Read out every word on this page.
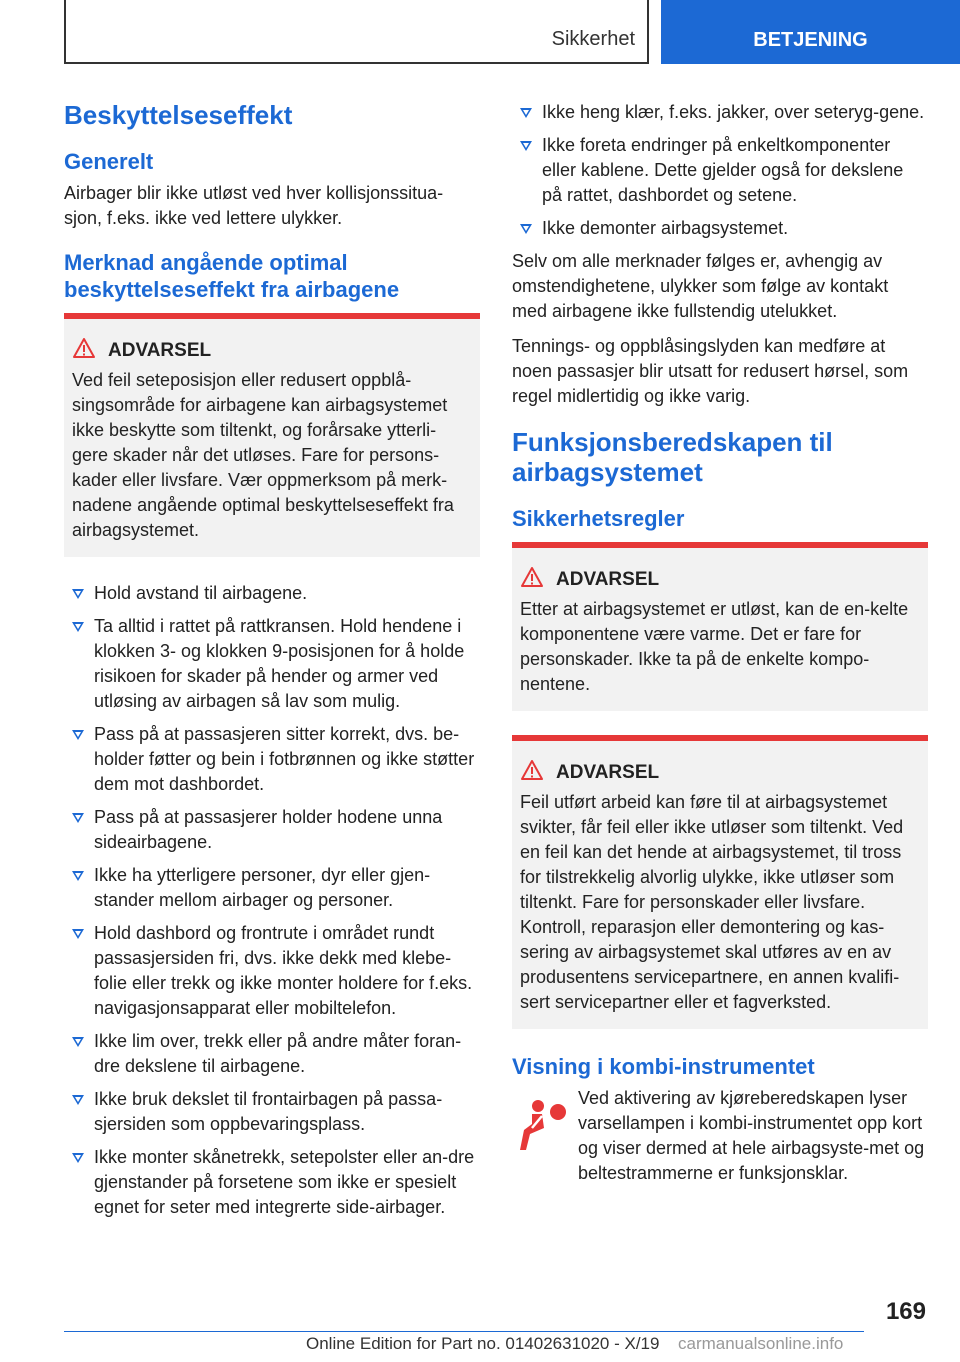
Sikkerhet	BETJENING
Beskyttelseseffekt
Generelt

Airbager blir ikke utløst ved hver kollisjonssitua-sjon, f.eks. ikke ved lettere ulykker.

Merknad angående optimal beskyttelseseffekt fra airbagene
ADVARSEL
Ved feil seteposisjon eller redusert oppblå-singsområde for airbagene kan airbagsystemet ikke beskytte som tiltenkt, og forårsake ytterli-gere skader når det utløses. Fare for persons-kader eller livsfare. Vær oppmerksom på merk-nadene angående optimal beskyttelseseffekt fra airbagsystemet.
Hold avstand til airbagene.
Ta alltid i rattet på rattkransen. Hold hendene i klokken 3- og klokken 9-posisjonen for å holde risikoen for skader på hender og armer ved utløsing av airbagen så lav som mulig.
Pass på at passasjeren sitter korrekt, dvs. be-holder føtter og bein i fotbrønnen og ikke støtter dem mot dashbordet.
Pass på at passasjerer holder hodene unna sideairbagene.
Ikke ha ytterligere personer, dyr eller gjen-stander mellom airbager og personer.
Hold dashbord og frontrute i området rundt passasjersiden fri, dvs. ikke dekk med klebe-folie eller trekk og ikke monter holdere for f.eks. navigasjonsapparat eller mobiltelefon.
Ikke lim over, trekk eller på andre måter foran-dre dekslene til airbagene.
Ikke bruk dekslet til frontairbagen på passa-sjersiden som oppbevaringsplass.
Ikke monter skånetrekk, setepolster eller an-dre gjenstander på forsetene som ikke er spesielt egnet for seter med integrerte side-airbager.
Ikke heng klær, f.eks. jakker, over seteryg-gene.
Ikke foreta endringer på enkeltkomponenter eller kablene. Dette gjelder også for dekslene på rattet, dashbordet og setene.
Ikke demonter airbagsystemet.

Selv om alle merknader følges er, avhengig av omstendighetene, ulykker som følge av kontakt med airbagene ikke fullstendig utelukket.

Tennings- og oppblåsingslyden kan medføre at noen passasjer blir utsatt for redusert hørsel, som regel midlertidig og ikke varig.

Funksjonsberedskapen til airbagsystemet
Sikkerhetsregler
ADVARSEL
Etter at airbagsystemet er utløst, kan de en-kelte komponentene være varme. Det er fare for personskader. Ikke ta på de enkelte kompo-nentene.
ADVARSEL
Feil utført arbeid kan føre til at airbagsystemet svikter, får feil eller ikke utløser som tiltenkt. Ved en feil kan det hende at airbagsystemet, til tross for tilstrekkelig alvorlig ulykke, ikke utløser som tiltenkt. Fare for personskader eller livsfare. Kontroll, reparasjon eller demontering og kas-sering av airbagsystemet skal utføres av en av produsentens servicepartnere, en annen kvalifi-sert servicepartner eller et fagverksted.
Visning i kombi-instrumentet

Ved aktivering av kjøreberedskapen lyser varsellampen i kombi-instrumentet opp kort og viser dermed at hele airbagsyste-met og beltestrammerne er funksjonsklar.

169
Online Edition for Part no. 01402631020 - X/19 carmanualsonline.info
